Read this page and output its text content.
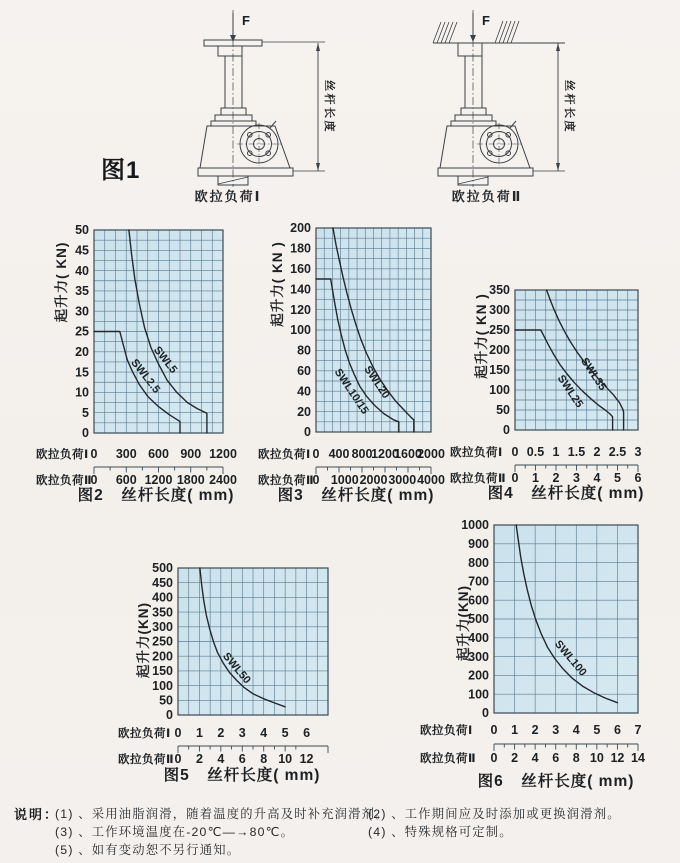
图1
F
丝杆长度
F
丝杆长度
欧拉负荷Ⅰ	欧拉负荷Ⅱ
SWL2.5
SWL5
0
5
10
15
20
25
30
35
40
45
50
起升力( KN)
欧拉负荷Ⅰ 0 300 600 900 1200
欧拉负荷Ⅱ
0 600 1200 1800 2400
图2  丝杆长度( mm)
SWL10/15
SWL20
0
20
40
60
80
100
120
140
160
180
200
起升力( KN )
欧拉负荷Ⅰ 0 400 800
1200
1600
2000
欧拉负荷Ⅱ
0 1000 2000 3000 4000
图3  丝杆长度( mm)
SWL25
SWL35
0
50
100
150
200
250
300
350
起升力( KN )
欧拉负荷Ⅰ 0 0.5 1 1.5 2 2.5 3
欧拉负荷Ⅱ 0 1 2 3 4 5 6
图4  丝杆长度( mm)
SWL50
0
50
100
150
200
250
300
350
400
450
500
起升力(KN)
欧拉负荷Ⅰ 0 1 2 3 4 5 6
欧拉负荷Ⅱ 0 2 4 6 8 10 12
图5  丝杆长度( mm)
SWL100
0
100
200
300
400
500
600
700
800
900
1000
起升力(KN)
欧拉负荷Ⅰ 0 1 2 3 4 5 6 7
欧拉负荷Ⅱ 0 2 4 6 8 10 12 14
图6  丝杆长度( mm)
说明：
(1) 、采用油脂润滑，随着温度的升高及时补充润滑剂。
(2) 、工作期间应及时添加或更换润滑剂。
(3) 、工作环境温度在-20℃—→80℃。	(4) 、特殊规格可定制。
(5) 、如有变动恕不另行通知。
